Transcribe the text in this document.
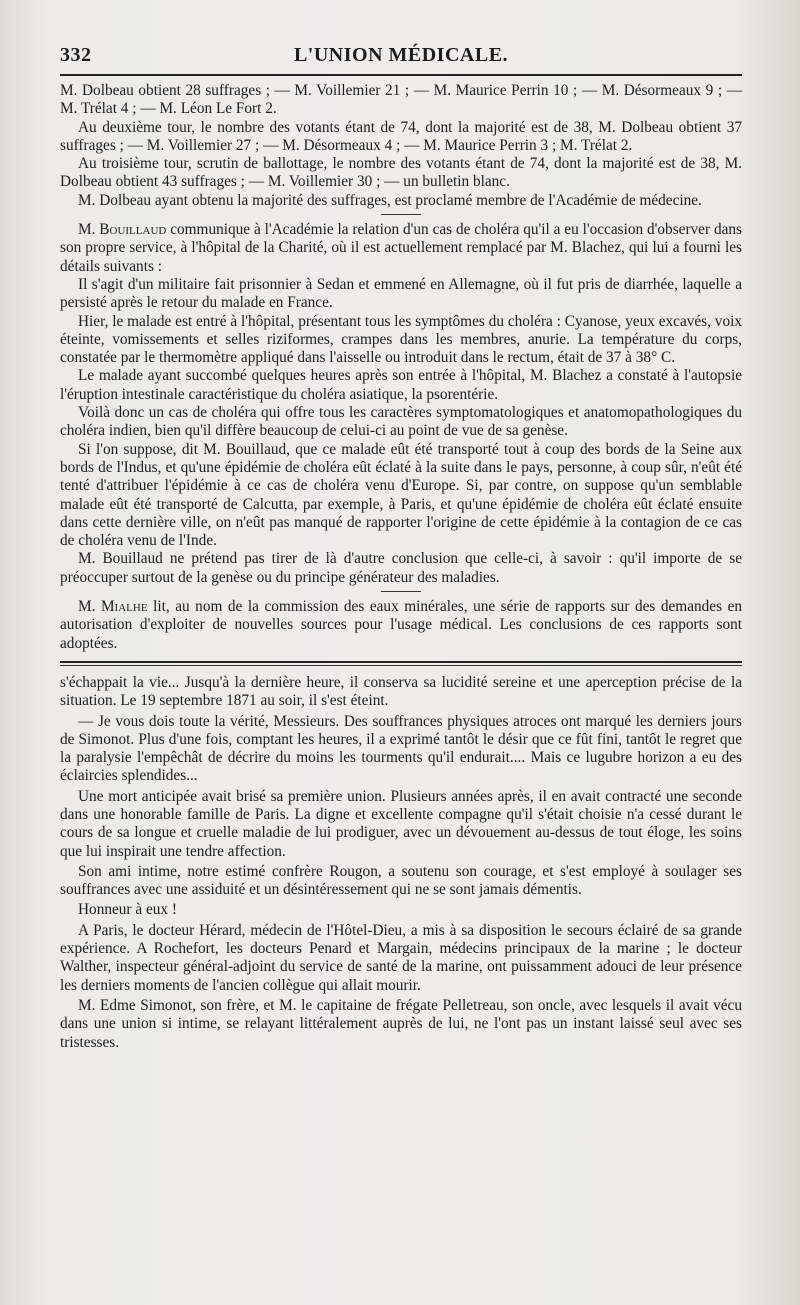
332	L'UNION MÉDICALE.

M. Dolbeau obtient 28 suffrages ; — M. Voillemier 21 ; — M. Maurice Perrin 10 ; — M. Désormeaux 9 ; — M. Trélat 4 ; — M. Léon Le Fort 2.

Au deuxième tour, le nombre des votants étant de 74, dont la majorité est de 38, M. Dolbeau obtient 37 suffrages ; — M. Voillemier 27 ; — M. Désormeaux 4 ; — M. Maurice Perrin 3 ; M. Trélat 2.

Au troisième tour, scrutin de ballottage, le nombre des votants étant de 74, dont la majorité est de 38, M. Dolbeau obtient 43 suffrages ; — M. Voillemier 30 ; — un bulletin blanc.

M. Dolbeau ayant obtenu la majorité des suffrages, est proclamé membre de l'Académie de médecine.

M. Bouillaud communique à l'Académie la relation d'un cas de choléra qu'il a eu l'occasion d'observer dans son propre service, à l'hôpital de la Charité, où il est actuellement remplacé par M. Blachez, qui lui a fourni les détails suivants :

Il s'agit d'un militaire fait prisonnier à Sedan et emmené en Allemagne, où il fut pris de diarrhée, laquelle a persisté après le retour du malade en France.

Hier, le malade est entré à l'hôpital, présentant tous les symptômes du choléra : Cyanose, yeux excavés, voix éteinte, vomissements et selles riziformes, crampes dans les membres, anurie. La température du corps, constatée par le thermomètre appliqué dans l'aisselle ou introduit dans le rectum, était de 37 à 38° C.

Le malade ayant succombé quelques heures après son entrée à l'hôpital, M. Blachez a constaté à l'autopsie l'éruption intestinale caractéristique du choléra asiatique, la psorentérie.

Voilà donc un cas de choléra qui offre tous les caractères symptomatologiques et anatomopathologiques du choléra indien, bien qu'il diffère beaucoup de celui-ci au point de vue de sa genèse.

Si l'on suppose, dit M. Bouillaud, que ce malade eût été transporté tout à coup des bords de la Seine aux bords de l'Indus, et qu'une épidémie de choléra eût éclaté à la suite dans le pays, personne, à coup sûr, n'eût été tenté d'attribuer l'épidémie à ce cas de choléra venu d'Europe. Si, par contre, on suppose qu'un semblable malade eût été transporté de Calcutta, par exemple, à Paris, et qu'une épidémie de choléra eût éclaté ensuite dans cette dernière ville, on n'eût pas manqué de rapporter l'origine de cette épidémie à la contagion de ce cas de choléra venu de l'Inde.

M. Bouillaud ne prétend pas tirer de là d'autre conclusion que celle-ci, à savoir : qu'il importe de se préoccuper surtout de la genèse ou du principe générateur des maladies.

M. Mialhe lit, au nom de la commission des eaux minérales, une série de rapports sur des demandes en autorisation d'exploiter de nouvelles sources pour l'usage médical. Les conclusions de ces rapports sont adoptées.

s'échappait la vie... Jusqu'à la dernière heure, il conserva sa lucidité sereine et une aperception précise de la situation. Le 19 septembre 1871 au soir, il s'est éteint.

— Je vous dois toute la vérité, Messieurs. Des souffrances physiques atroces ont marqué les derniers jours de Simonot. Plus d'une fois, comptant les heures, il a exprimé tantôt le désir que ce fût fini, tantôt le regret que la paralysie l'empêchât de décrire du moins les tourments qu'il endurait.... Mais ce lugubre horizon a eu des éclaircies splendides...

Une mort anticipée avait brisé sa première union. Plusieurs années après, il en avait contracté une seconde dans une honorable famille de Paris. La digne et excellente compagne qu'il s'était choisie n'a cessé durant le cours de sa longue et cruelle maladie de lui prodiguer, avec un dévouement au-dessus de tout éloge, les soins que lui inspirait une tendre affection.

Son ami intime, notre estimé confrère Rougon, a soutenu son courage, et s'est employé à soulager ses souffrances avec une assiduité et un désintéressement qui ne se sont jamais démentis.

Honneur à eux !

A Paris, le docteur Hérard, médecin de l'Hôtel-Dieu, a mis à sa disposition le secours éclairé de sa grande expérience. A Rochefort, les docteurs Penard et Margain, médecins principaux de la marine ; le docteur Walther, inspecteur général-adjoint du service de santé de la marine, ont puissamment adouci de leur présence les derniers moments de l'ancien collègue qui allait mourir.

M. Edme Simonot, son frère, et M. le capitaine de frégate Pelletreau, son oncle, avec lesquels il avait vécu dans une union si intime, se relayant littéralement auprès de lui, ne l'ont pas un instant laissé seul avec ses tristesses.
